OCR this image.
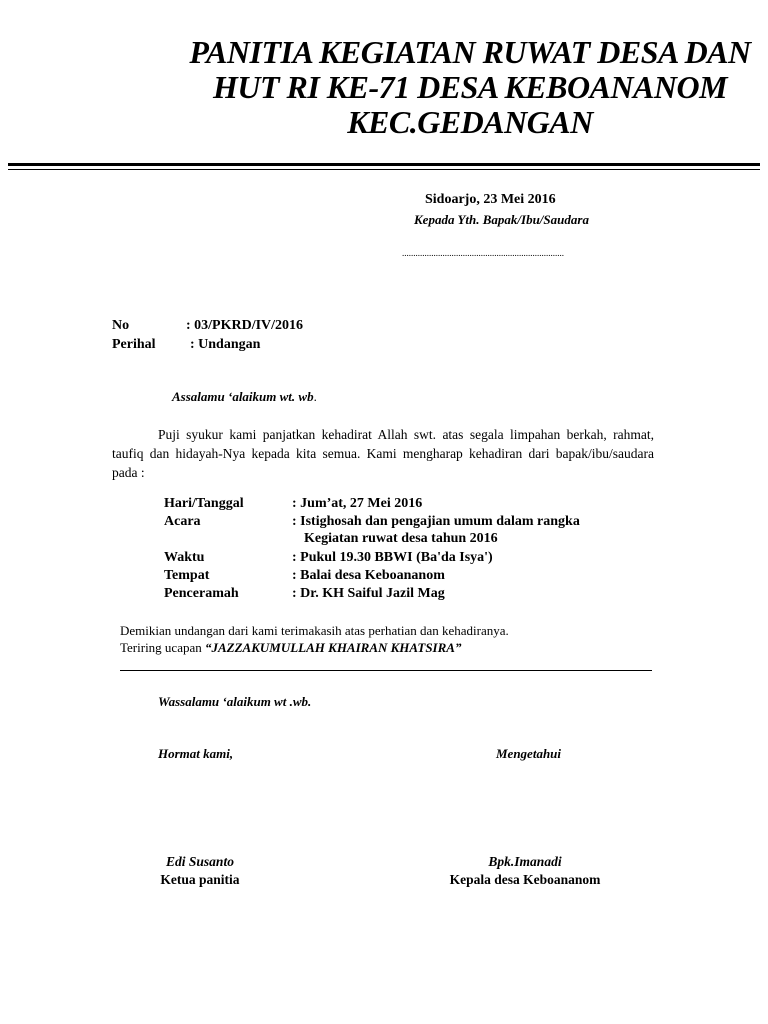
PANITIA KEGIATAN RUWAT DESA DAN
HUT RI KE-71 DESA KEBOANANOM
KEC.GEDANGAN
Sidoarjo, 23 Mei 2016
Kepada Yth. Bapak/Ibu/Saudara
........................................................................
No	: 03/PKRD/IV/2016
Perihal : Undangan
Assalamu ‘alaikum wt. wb.
Puji syukur kami panjatkan kehadirat Allah swt. atas segala limpahan berkah, rahmat, taufiq dan hidayah-Nya kepada kita semua. Kami mengharap kehadiran dari bapak/ibu/saudara pada :
Hari/Tanggal	: Jum’at, 27 Mei 2016
Acara	: Istighosah dan pengajian umum dalam rangka
Kegiatan ruwat desa tahun 2016
Waktu	: Pukul 19.30 BBWI (Ba'da Isya')
Tempat	: Balai desa Keboananom
Penceramah	: Dr. KH Saiful Jazil Mag
Demikian undangan dari kami terimakasih atas perhatian dan kehadiranya.
Teriring ucapan “JAZZAKUMULLAH KHAIRAN KHATSIRA”
Wassalamu ‘alaikum wt .wb.
Hormat kami,	Mengetahui
Edi Susanto
Ketua panitia
Bpk.Imanadi
Kepala desa Keboananom
